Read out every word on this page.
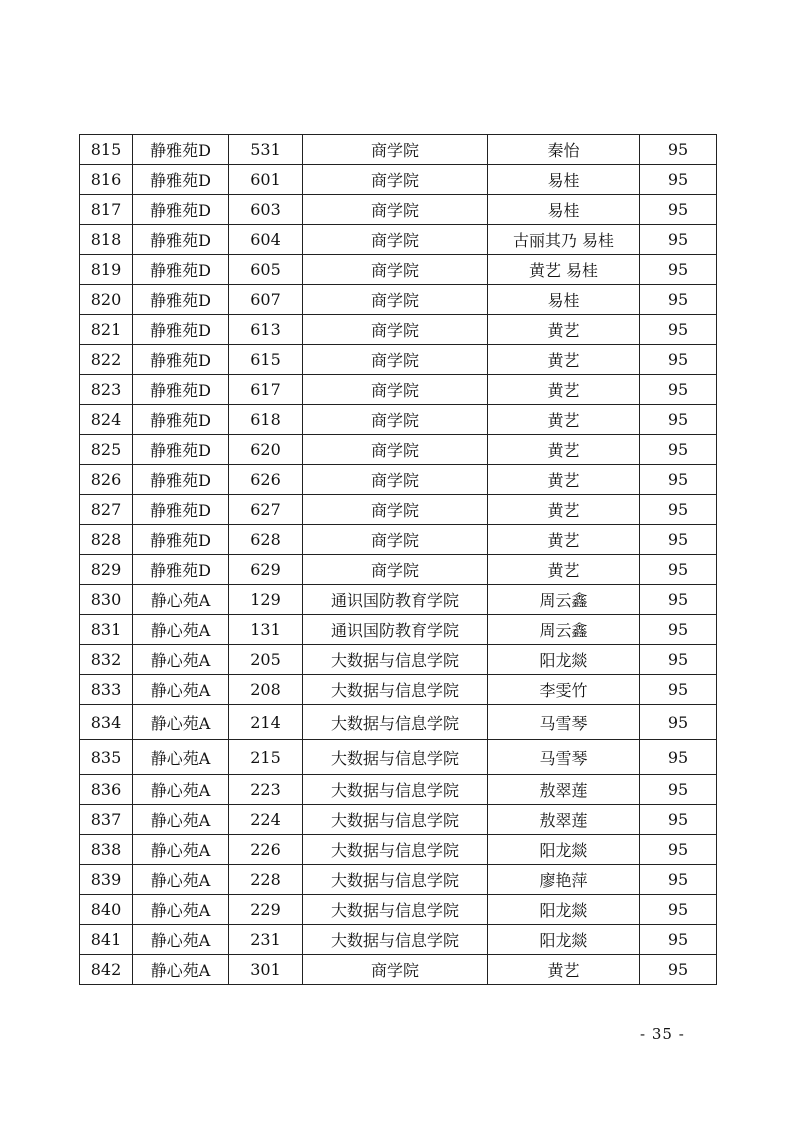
815	静雅苑D	531	商学院	秦怡	95
816	静雅苑D	601	商学院	易桂	95
817	静雅苑D	603	商学院	易桂	95
818	静雅苑D	604	商学院	古丽其乃 易桂	95
819	静雅苑D	605	商学院	黄艺 易桂	95
820	静雅苑D	607	商学院	易桂	95
821	静雅苑D	613	商学院	黄艺	95
822	静雅苑D	615	商学院	黄艺	95
823	静雅苑D	617	商学院	黄艺	95
824	静雅苑D	618	商学院	黄艺	95
825	静雅苑D	620	商学院	黄艺	95
826	静雅苑D	626	商学院	黄艺	95
827	静雅苑D	627	商学院	黄艺	95
828	静雅苑D	628	商学院	黄艺	95
829	静雅苑D	629	商学院	黄艺	95
830	静心苑A	129	通识国防教育学院	周云鑫	95
831	静心苑A	131	通识国防教育学院	周云鑫	95
832	静心苑A	205	大数据与信息学院	阳龙燚	95
833	静心苑A	208	大数据与信息学院	李雯竹	95
834	静心苑A	214	大数据与信息学院	马雪琴	95
835	静心苑A	215	大数据与信息学院	马雪琴	95
836	静心苑A	223	大数据与信息学院	敖翠莲	95
837	静心苑A	224	大数据与信息学院	敖翠莲	95
838	静心苑A	226	大数据与信息学院	阳龙燚	95
839	静心苑A	228	大数据与信息学院	廖艳萍	95
840	静心苑A	229	大数据与信息学院	阳龙燚	95
841	静心苑A	231	大数据与信息学院	阳龙燚	95
842	静心苑A	301	商学院	黄艺	95
- 35 -
